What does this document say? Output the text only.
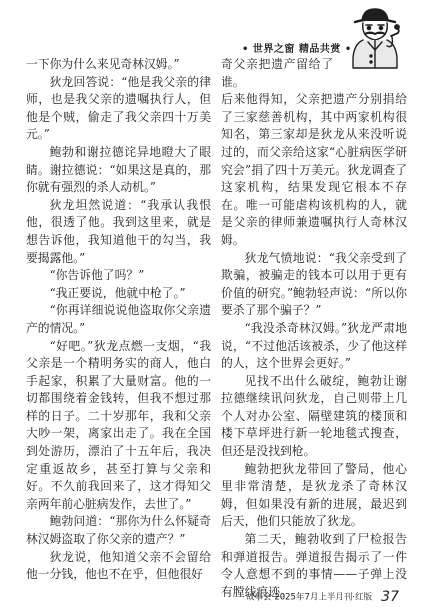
• 世界之窗 精品共赏 •

一下你为什么来见奇林汉姆。”

狄龙回答说：“他是我父亲的律师，也是我父亲的遗嘱执行人，但他是个贼，偷走了我父亲四十万美元。”

鲍勃和谢拉德诧异地瞪大了眼睛。谢拉德说：“如果这是真的，那你就有强烈的杀人动机。”

狄龙坦然说道：“我承认我恨他，很透了他。我到这里来，就是想告诉他，我知道他干的勾当，我要揭露他。”

“你告诉他了吗？”

“我正要说，他就中枪了。”

“你再详细说说他盗取你父亲遗产的情况。”

“好吧。”狄龙点燃一支烟，“我父亲是一个精明务实的商人，他白手起家，积累了大量财富。他的一切都围绕着金钱转，但我不想过那样的日子。二十岁那年，我和父亲大吵一架，离家出走了。我在全国到处游历，漂泊了十五年后，我决定重返故乡，甚至打算与父亲和好。不久前我回来了，这才得知父亲两年前心脏病发作，去世了。”

鲍勃问道：“那你为什么怀疑奇林汉姆盗取了你父亲的遗产？”

狄龙说，他知道父亲不会留给他一分钱，他也不在乎，但他很好

奇父亲把遗产留给了谁。

后来他得知，父亲把遗产分别捐给了三家慈善机构，其中两家机构很知名，第三家却是狄龙从来没听说过的，而父亲给这家“心脏病医学研究会”捐了四十万美元。狄龙调查了这家机构，结果发现它根本不存在。唯一可能虐构该机构的人，就是父亲的律师兼遗嘱执行人奇林汉姆。

狄龙气愤地说：“我父亲受到了欺骗，被骗走的钱本可以用于更有价值的研究。”鲍勃轻声说：“所以你要杀了那个骗子？”

“我没杀奇林汉姆。”狄龙严肃地说，“不过他活该被杀，少了他这样的人，这个世界会更好。”

见找不出什么破绽，鲍勃让谢拉德继续讯问狄龙，自己则带上几个人对办公室、隔壁建筑的楼顶和楼下草坪进行新一轮地毯式搜查，但还是没找到枪。

鲍勃把狄龙带回了警局，他心里非常清楚，是狄龙杀了奇林汉姆，但如果没有新的进展，最迟到后天，他们只能放了狄龙。

第二天，鲍勃收到了尸检报告和弹道报告。弹道报告揭示了一件令人意想不到的事情——子弹上没有膛线痕迹。

故事会·2025年7月上半月刊·红版 37
